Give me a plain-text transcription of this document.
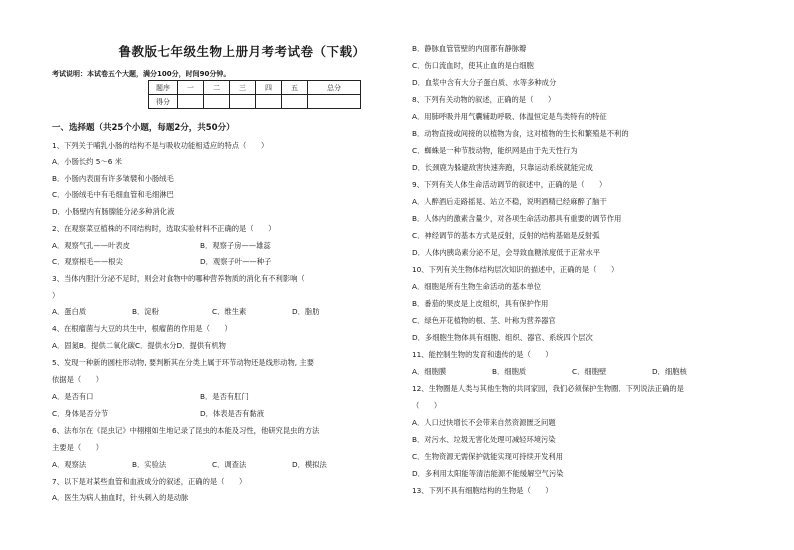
鲁教版七年级生物上册月考考试卷（下载）
考试说明：本试卷五个大题，满分100分，时间90分钟。
题序	一	二	三	四	五	总分
得分						
一、选择题（共25个小题，每题2分，共50分）
1、下列关于哺乳小肠的结构不是与吸收功能相适应的特点（　　）
A．小肠长约 5～6 米
B．小肠内表面有许多皱襞和小肠绒毛
C．小肠绒毛中有毛细血管和毛细淋巴
D．小肠壁内有肠腺能分泌多种消化液
2、在观察菜豆植株的不同结构时，选取实验材料不正确的是（　　）
A．观察气孔——叶表皮	B．观察子房——雄蕊
C．观察根毛——根尖	D．观察子叶——种子
3、当体内胆汁分泌不足时，则会对食物中的哪种营养物质的消化有不利影响（
）
A．蛋白质	B．淀粉	C．维生素	D．脂肪
4、在根瘤菌与大豆的共生中，根瘤菌的作用是（　　）
A．固氮B．提供二氧化碳C．提供水分D．提供有机物
5、发现一种新的圆柱形动物, 要判断其在分类上属于环节动物还是线形动物, 主要
依据是（　　）
A．是否有口	B．是否有肛门
C．身体是否分节	D．体表是否有黏液
6、法布尔在《昆虫记》中栩栩如生地记录了昆虫的本能及习性，他研究昆虫的方法
主要是（　　）
A．观察法	B．实验法	C．调查法	D．模拟法
7、以下是对某些血管和血液成分的叙述，正确的是（　　）
A．医生为病人抽血时，针头刺入的是动脉
B．静脉血管管壁的内面都有静脉瓣
C．伤口流血时，使其止血的是白细胞
D．血浆中含有大分子蛋白质、水等多种成分
8、下列有关动物的叙述，正确的是（　　）
A．用肺呼吸并用气囊辅助呼吸、体温恒定是鸟类特有的特征
B．动物直接或间接的以植物为食，这对植物的生长和繁殖是不利的
C．蜘蛛是一种节肢动物，能织网是由于先天性行为
D．长颈鹿为躲避敌害快速奔跑，只靠运动系统就能完成
9、下列有关人体生命活动调节的叙述中，正确的是（　　）
A．人醉酒后走路摇晃、站立不稳，说明酒精已经麻醉了脑干
B．人体内的激素含量少，对各项生命活动都具有重要的调节作用
C．神经调节的基本方式是反射，反射的结构基础是反射弧
D．人体内胰岛素分泌不足，会导致血糖浓度低于正常水平
10、下列有关生物体结构层次知识的描述中，正确的是（　　）
A．细胞是所有生物生命活动的基本单位
B．番茄的果皮是上皮组织，具有保护作用
C．绿色开花植物的根、茎、叶称为营养器官
D．多细胞生物体具有细胞、组织、器官、系统四个层次
11、能控制生物的发育和遗传的是（　　）
A．细胞膜	B．细胞质	C．细胞壁	D．细胞核
12、生物圈是人类与其他生物的共同家园，我们必须保护生物圈．下列说法正确的是
（　　）
A．人口过快增长不会带来自然资源匮乏问题
B．对污水、垃圾无害化处理可减轻环境污染
C．生物资源无需保护就能实现可持续开发利用
D．多利用太阳能等清洁能源不能缓解空气污染
13、下列不具有细胞结构的生物是（　　）
